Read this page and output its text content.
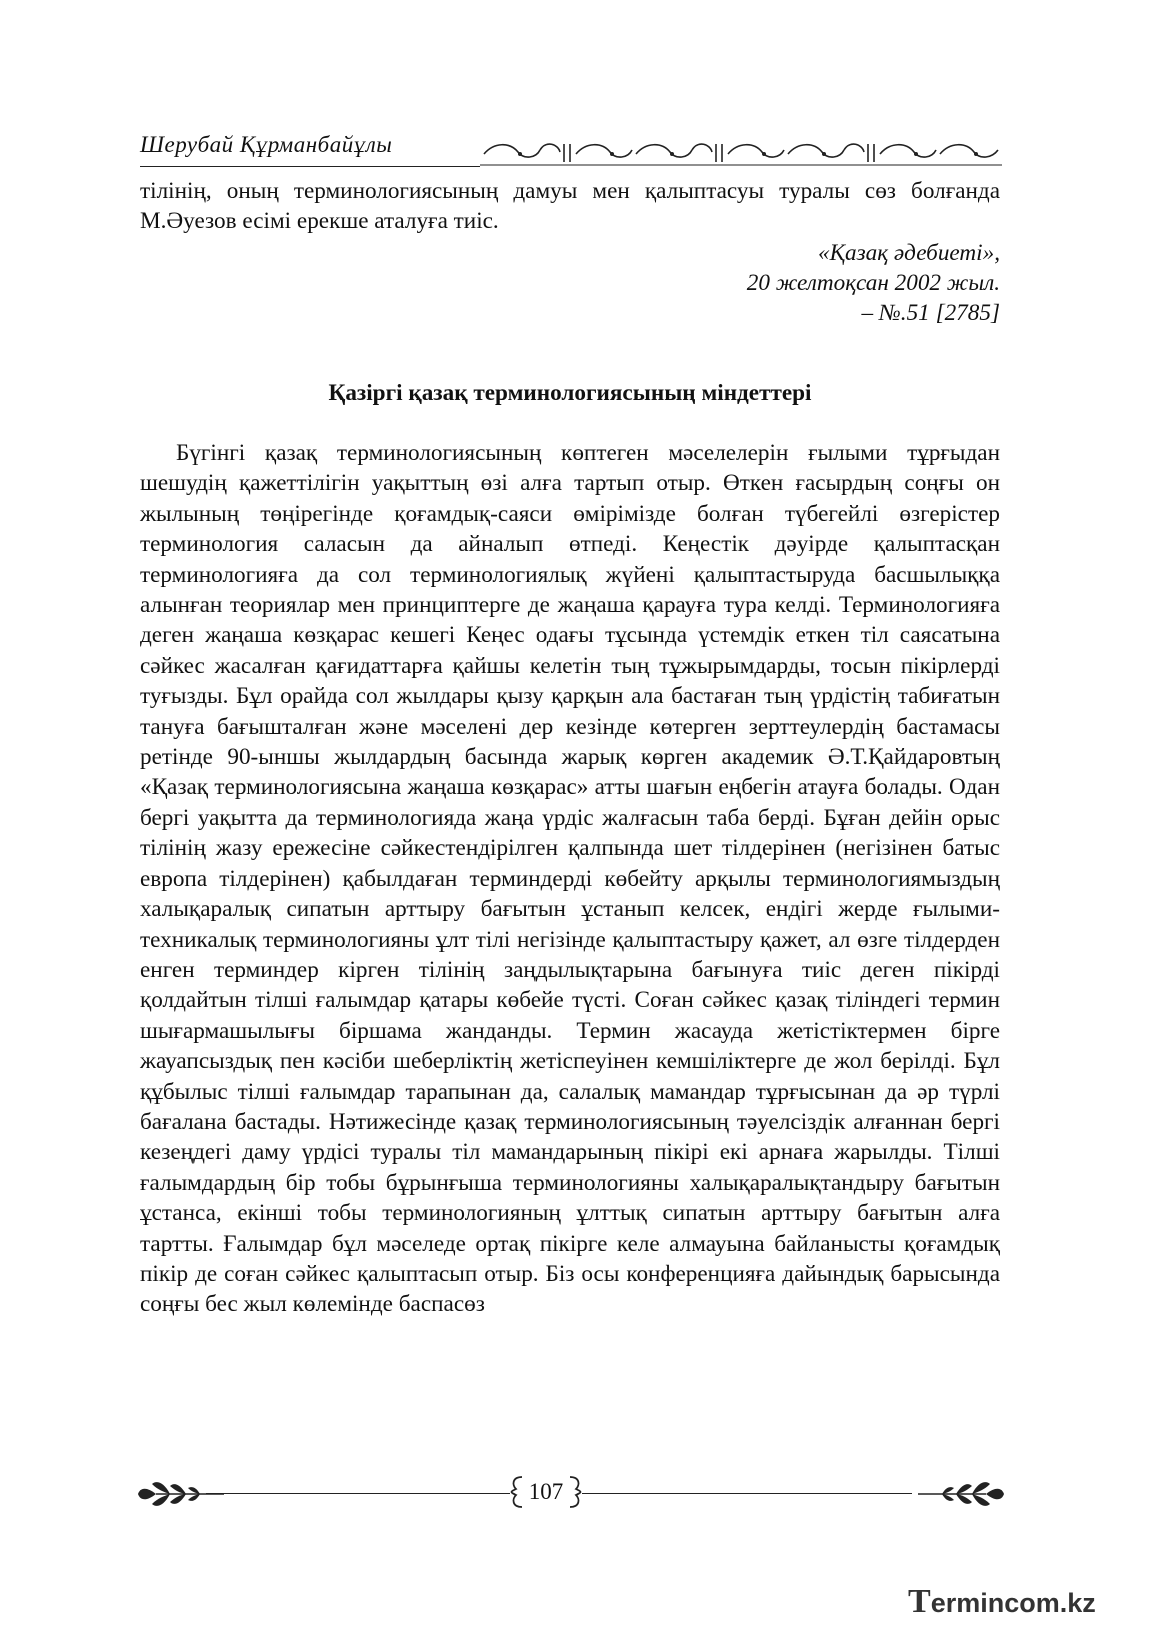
Шерубай Құрманбайұлы
тілінің, оның терминологиясының дамуы мен қалыптасуы туралы сөз болғанда М.Әуезов есімі ерекше аталуға тиіс.
«Қазақ әдебиеті»,
20 желтоқсан 2002 жыл.
– №.51 [2785]
Қазіргі қазақ терминологиясының міндеттері

Бүгінгі қазақ терминологиясының көптеген мәселелерін ғылыми тұрғыдан шешудің қажеттілігін уақыттың өзі алға тартып отыр. Өткен ғасырдың соңғы он жылының төңірегінде қоғамдық-саяси өмірімізде болған түбегейлі өзгерістер терминология саласын да айналып өтпеді. Кеңестік дәуірде қалыптасқан терминологияға да сол терминологиялық жүйені қалыптастыруда басшылыққа алынған теориялар мен принциптерге де жаңаша қарауға тура келді. Терминологияға деген жаңаша көзқарас кешегі Кеңес одағы тұсында үстемдік еткен тіл саясатына сәйкес жасалған қағидаттарға қайшы келетін тың тұжырымдарды, тосын пікірлерді туғызды. Бұл орайда сол жылдары қызу қарқын ала бастаған тың үрдістің табиғатын тануға бағышталған және мәселені дер кезінде көтерген зерттеулердің бастамасы ретінде 90-ыншы жылдардың басында жарық көрген академик Ә.Т.Қайдаровтың «Қазақ терминологиясына жаңаша көзқарас» атты шағын еңбегін атауға болады. Одан бергі уақытта да терминологияда жаңа үрдіс жалғасын таба берді. Бұған дейін орыс тілінің жазу ережесіне сәйкестендірілген қалпында шет тілдерінен (негізінен батыс европа тілдерінен) қабылдаған терминдерді көбейту арқылы терминологиямыздың халықаралық сипатын арттыру бағытын ұстанып келсек, ендігі жерде ғылыми-техникалық терминологияны ұлт тілі негізінде қалыптастыру қажет, ал өзге тілдерден енген терминдер кірген тілінің заңдылықтарына бағынуға тиіс деген пікірді қолдайтын тілші ғалымдар қатары көбейе түсті. Соған сәйкес қазақ тіліндегі термин шығармашылығы біршама жанданды. Термин жасауда жетістіктермен бірге жауапсыздық пен кәсіби шеберліктің жетіспеуінен кемшіліктерге де жол берілді. Бұл құбылыс тілші ғалымдар тарапынан да, салалық мамандар тұрғысынан да әр түрлі бағалана бастады. Нәтижесінде қазақ терминологиясының тәуелсіздік алғаннан бергі кезеңдегі даму үрдісі туралы тіл мамандарының пікірі екі арнаға жарылды. Тілші ғалымдардың бір тобы бұрынғыша терминологияны халықаралықтандыру бағытын ұстанса, екінші тобы терминологияның ұлттық сипатын арттыру бағытын алға тартты. Ғалымдар бұл мәселеде ортақ пікірге келе алмауына байланысты қоғамдық пікір де соған сәйкес қалыптасып отыр. Біз осы конференцияға дайындық барысында соңғы бес жыл көлемінде баспасөз

107
Termincom.kz
